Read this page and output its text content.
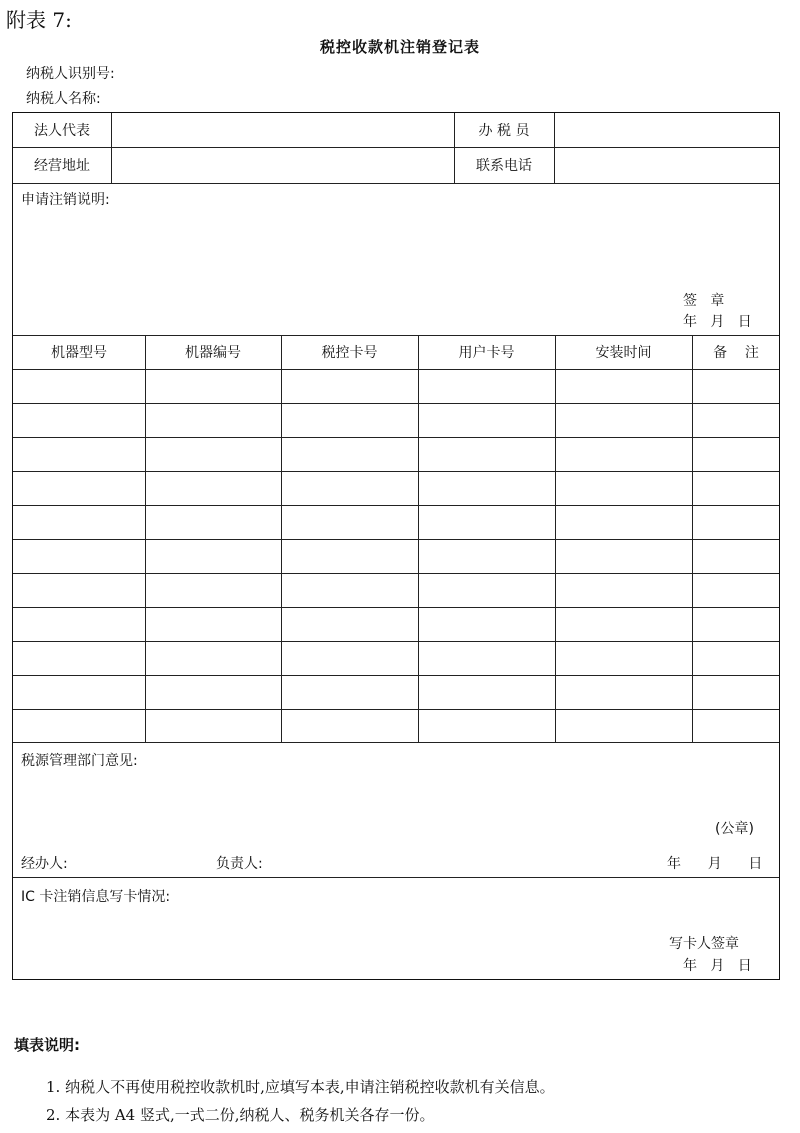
附表 7:
税控收款机注销登记表
纳税人识别号:
纳税人名称:
法人代表	办 税 员
经营地址	联系电话
申请注销说明:
签   章
年   月   日
机器型号	机器编号	税控卡号	用户卡号	安装时间	备    注
税源管理部门意见:
(公章)
经办人:	负责人:	年      月      日
IC 卡注销信息写卡情况:
写卡人签章
年   月   日
填表说明:
1. 纳税人不再使用税控收款机时,应填写本表,申请注销税控收款机有关信息。
2. 本表为 A4 竖式,一式二份,纳税人、税务机关各存一份。
